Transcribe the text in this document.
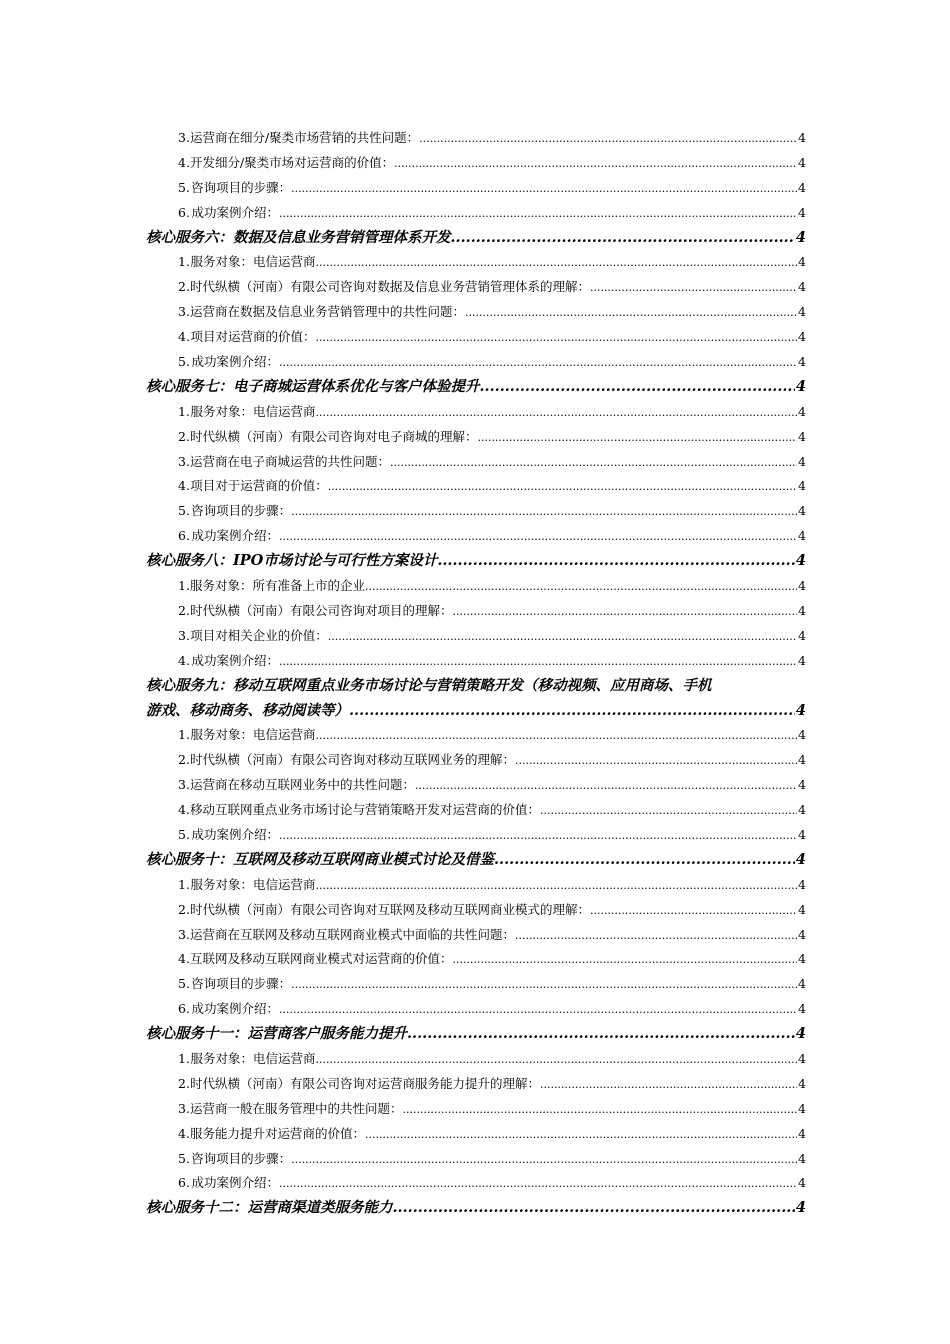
3. 运营商在细分/聚类市场营销的共性问题： .....	4
4. 开发细分/聚类市场对运营商的价值： .....	4
5. 咨询项目的步骤： .....	4
6. 成功案例介绍： .....	4
核心服务六：数据及信息业务营销管理体系开发 .....	4
1. 服务对象：电信运营商 .....	4
2. 时代纵横（河南）有限公司咨询对数据及信息业务营销管理体系的理解： .....	4
3. 运营商在数据及信息业务营销管理中的共性问题： .....	4
4. 项目对运营商的价值： .....	4
5. 成功案例介绍： .....	4
核心服务七：电子商城运营体系优化与客户体验提升 .....	4
1. 服务对象：电信运营商 .....	4
2. 时代纵横（河南）有限公司咨询对电子商城的理解： .....	4
3. 运营商在电子商城运营的共性问题： .....	4
4. 项目对于运营商的价值： .....	4
5. 咨询项目的步骤： .....	4
6. 成功案例介绍： .....	4
核心服务八：IPO市场讨论与可行性方案设计 .....	4
1. 服务对象：所有准备上市的企业 .....	4
2. 时代纵横（河南）有限公司咨询对项目的理解： .....	4
3. 项目对相关企业的价值： .....	4
4. 成功案例介绍： .....	4
核心服务九：移动互联网重点业务市场讨论与营销策略开发（移动视频、应用商场、手机
游戏、移动商务、移动阅读等） .....	4
1. 服务对象：电信运营商 .....	4
2. 时代纵横（河南）有限公司咨询对移动互联网业务的理解： .....	4
3. 运营商在移动互联网业务中的共性问题： .....	4
4. 移动互联网重点业务市场讨论与营销策略开发对运营商的价值： .....	4
5. 成功案例介绍： .....	4
核心服务十：互联网及移动互联网商业模式讨论及借鉴 .....	4
1. 服务对象：电信运营商 .....	4
2. 时代纵横（河南）有限公司咨询对互联网及移动互联网商业模式的理解： .....	4
3. 运营商在互联网及移动互联网商业模式中面临的共性问题： .....	4
4. 互联网及移动互联网商业模式对运营商的价值： .....	4
5. 咨询项目的步骤： .....	4
6. 成功案例介绍： .....	4
核心服务十一：运营商客户服务能力提升 .....	4
1. 服务对象：电信运营商 .....	4
2. 时代纵横（河南）有限公司咨询对运营商服务能力提升的理解： .....	4
3. 运营商一般在服务管理中的共性问题： .....	4
4. 服务能力提升对运营商的价值： .....	4
5. 咨询项目的步骤： .....	4
6. 成功案例介绍： .....	4
核心服务十二：运营商渠道类服务能力 .....	4
